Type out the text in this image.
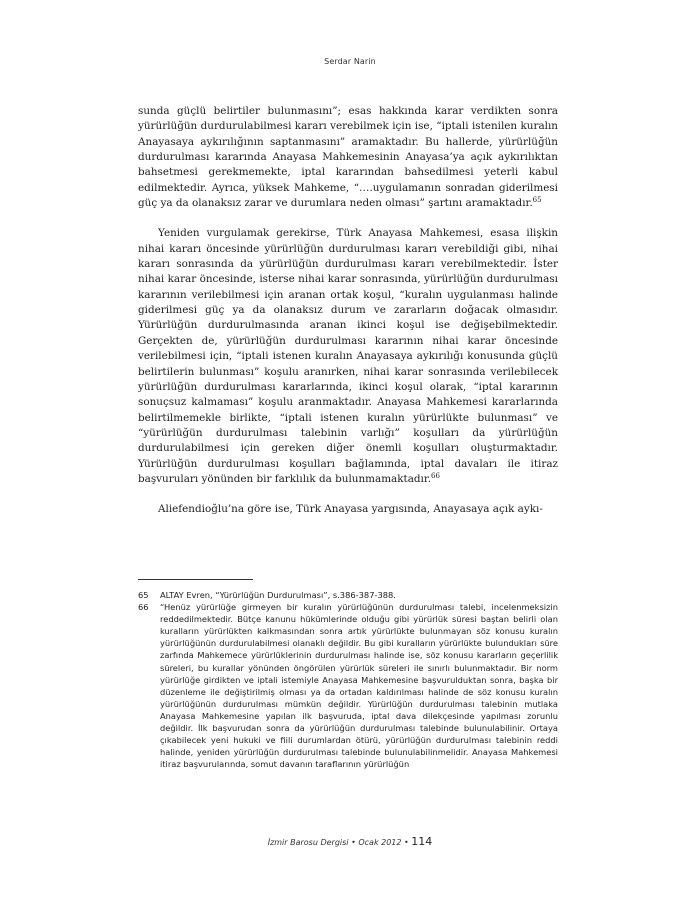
Serdar Narin

sunda güçlü belirtiler bulunmasını”; esas hakkında karar verdikten sonra yürürlüğün durdurulabilmesi kararı verebilmek için ise, “iptali istenilen kuralın Anayasaya aykırılığının saptanmasını” aramaktadır. Bu hallerde, yürürlüğün durdurulması kararında Anayasa Mahkemesinin Anayasa’ya açık aykırılıktan bahsetmesi gerekmemekte, iptal kararından bahsedilmesi yeterli kabul edilmektedir. Ayrıca, yüksek Mahkeme, “….uygulamanın sonradan giderilmesi güç ya da olanaksız zarar ve durumlara neden olması” şartını aramaktadır.$^{65}$

Yeniden vurgulamak gerekirse, Türk Anayasa Mahkemesi, esasa ilişkin nihai kararı öncesinde yürürlüğün durdurulması kararı verebildiği gibi, nihai kararı sonrasında da yürürlüğün durdurulması kararı verebilmektedir. İster nihai karar öncesinde, isterse nihai karar sonrasında, yürürlüğün durdurulması kararının verilebilmesi için aranan ortak koşul, “kuralın uygulanması halinde giderilmesi güç ya da olanaksız durum ve zararların doğacak olmasıdır. Yürürlüğün durdurulmasında aranan ikinci koşul ise değişebilmektedir. Gerçekten de, yürürlüğün durdurulması kararının nihai karar öncesinde verilebilmesi için, “iptali istenen kuralın Anayasaya aykırılığı konusunda güçlü belirtilerin bulunması” koşulu aranırken, nihai karar sonrasında verilebilecek yürürlüğün durdurulması kararlarında, ikinci koşul olarak, “iptal kararının sonuçsuz kalmaması” koşulu aranmaktadır. Anayasa Mahkemesi kararlarında belirtilmemekle birlikte, “iptali istenen kuralın yürürlükte bulunması” ve “yürürlüğün durdurulması talebinin varlığı” koşulları da yürürlüğün durdurulabilmesi için gereken diğer önemli koşulları oluşturmaktadır. Yürürlüğün durdurulması koşulları bağlamında, iptal davaları ile itiraz başvuruları yönünden bir farklılık da bulunmamaktadır.$^{66}$

Aliefendioğlu’na göre ise, Türk Anayasa yargısında, Anayasaya açık aykı-

65	ALTAY Evren, “Yürürlüğün Durdurulması”, s.386-387-388.
66	“Henüz yürürlüğe girmeyen bir kuralın yürürlüğünün durdurulması talebi, incelenmeksizin reddedilmektedir. Bütçe kanunu hükümlerinde olduğu gibi yürürlük süresi baştan belirli olan kuralların yürürlükten kalkmasından sonra artık yürürlükte bulunmayan söz konusu kuralın yürürlüğünün durdurulabilmesi olanaklı değildir. Bu gibi kuralların yürürlükte bulundukları süre zarfında Mahkemece yürürlüklerinin durdurulması halinde ise, söz konusu kararların geçerlilik süreleri, bu kurallar yönünden öngörülen yürürlük süreleri ile sınırlı bulunmaktadır. Bir norm yürürlüğe girdikten ve iptali istemiyle Anayasa Mahkemesine başvurulduktan sonra, başka bir düzenleme ile değiştirilmiş olması ya da ortadan kaldırılması halinde de söz konusu kuralın yürürlüğünün durdurulması mümkün değildir. Yürürlüğün durdurulması talebinin mutlaka Anayasa Mahkemesine yapılan ilk başvuruda, iptal dava dilekçesinde yapılması zorunlu değildir. İlk başvurudan sonra da yürürlüğün durdurulması talebinde bulunulabilinir. Ortaya çıkabilecek yeni hukuki ve fiili durumlardan ötürü, yürürlüğün durdurulması talebinin reddi halinde, yeniden yürürlüğün durdurulması talebinde bulunulabilinmelidir. Anayasa Mahkemesi itiraz başvurularında, somut davanın taraflarının yürürlüğün
İzmir Barosu Dergisi • Ocak 2012 • 114
